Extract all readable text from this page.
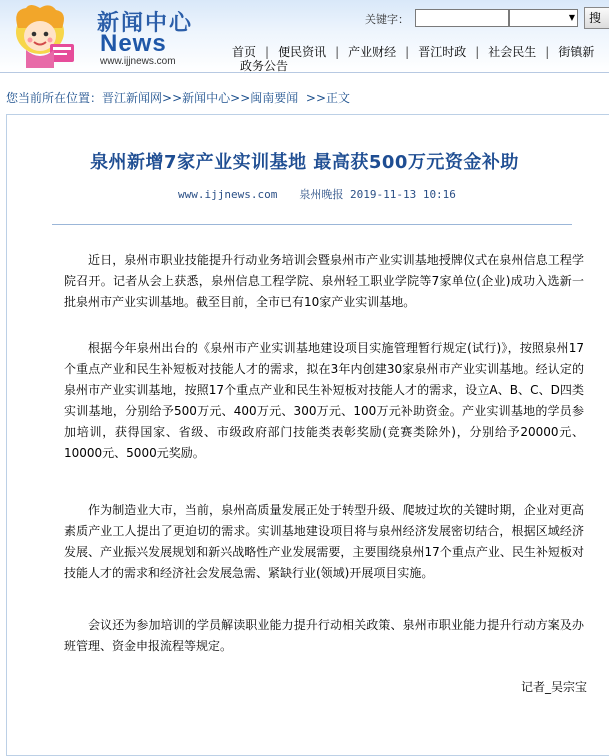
新闻中心
News
www.ijjnews.com
关键字：	▼	搜
首页 | 便民资讯 | 产业财经 | 晋江时政 | 社会民生 | 街镇新
政务公告
您当前所在位置：晋江新闻网>>新闻中心>>闽南要闻 >>正文
泉州新增7家产业实训基地 最高获500万元资金补助
www.ijjnews.com 泉州晚报 2019-11-13 10:16

近日，泉州市职业技能提升行动业务培训会暨泉州市产业实训基地授牌仪式在泉州信息工程学院召开。记者从会上获悉，泉州信息工程学院、泉州轻工职业学院等7家单位(企业)成功入选新一批泉州市产业实训基地。截至目前，全市已有10家产业实训基地。

根据今年泉州出台的《泉州市产业实训基地建设项目实施管理暂行规定(试行)》，按照泉州17个重点产业和民生补短板对技能人才的需求，拟在3年内创建30家泉州市产业实训基地。经认定的泉州市产业实训基地，按照17个重点产业和民生补短板对技能人才的需求，设立A、B、C、D四类实训基地，分别给予500万元、400万元、300万元、100万元补助资金。产业实训基地的学员参加培训，获得国家、省级、市级政府部门技能类表彰奖励(竞赛类除外)，分别给予20000元、10000元、5000元奖励。

作为制造业大市，当前，泉州高质量发展正处于转型升级、爬坡过坎的关键时期，企业对更高素质产业工人提出了更迫切的需求。实训基地建设项目将与泉州经济发展密切结合，根据区域经济发展、产业振兴发展规划和新兴战略性产业发展需要，主要围绕泉州17个重点产业、民生补短板对技能人才的需求和经济社会发展急需、紧缺行业(领域)开展项目实施。

会议还为参加培训的学员解读职业能力提升行动相关政策、泉州市职业能力提升行动方案及办班管理、资金申报流程等规定。

记者_吴宗宝
